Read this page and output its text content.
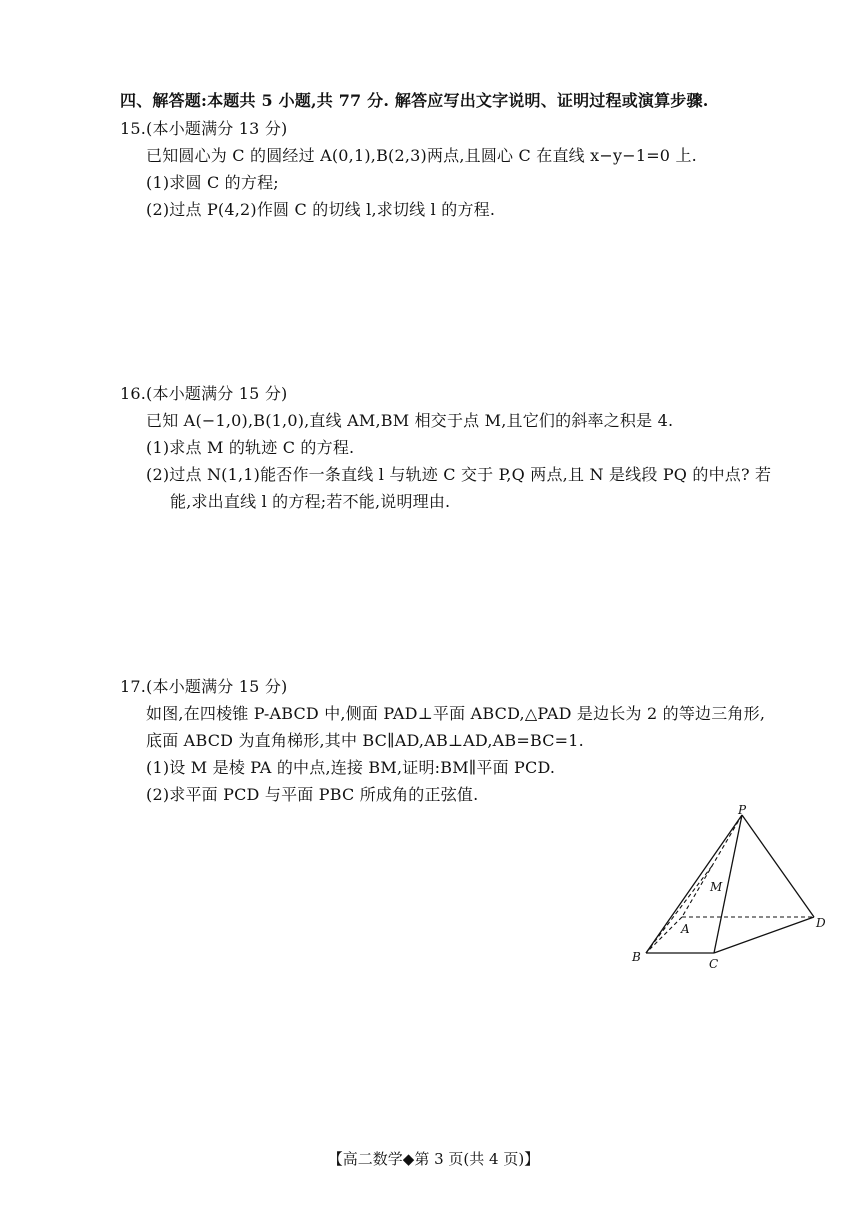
四、解答题:本题共 5 小题,共 77 分. 解答应写出文字说明、证明过程或演算步骤.
15.(本小题满分 13 分)
已知圆心为 C 的圆经过 A(0,1),B(2,3)两点,且圆心 C 在直线 x−y−1=0 上.
(1)求圆 C 的方程;
(2)过点 P(4,2)作圆 C 的切线 l,求切线 l 的方程.
16.(本小题满分 15 分)
已知 A(−1,0),B(1,0),直线 AM,BM 相交于点 M,且它们的斜率之积是 4.
(1)求点 M 的轨迹 C 的方程.
(2)过点 N(1,1)能否作一条直线 l 与轨迹 C 交于 P,Q 两点,且 N 是线段 PQ 的中点? 若
能,求出直线 l 的方程;若不能,说明理由.
17.(本小题满分 15 分)
如图,在四棱锥 P-ABCD 中,侧面 PAD⊥平面 ABCD,△PAD 是边长为 2 的等边三角形,
底面 ABCD 为直角梯形,其中 BC∥AD,AB⊥AD,AB=BC=1.
(1)设 M 是棱 PA 的中点,连接 BM,证明:BM∥平面 PCD.
(2)求平面 PCD 与平面 PBC 所成角的正弦值.
P
M
A
B	C
D
【高二数学◆第 3 页(共 4 页)】
